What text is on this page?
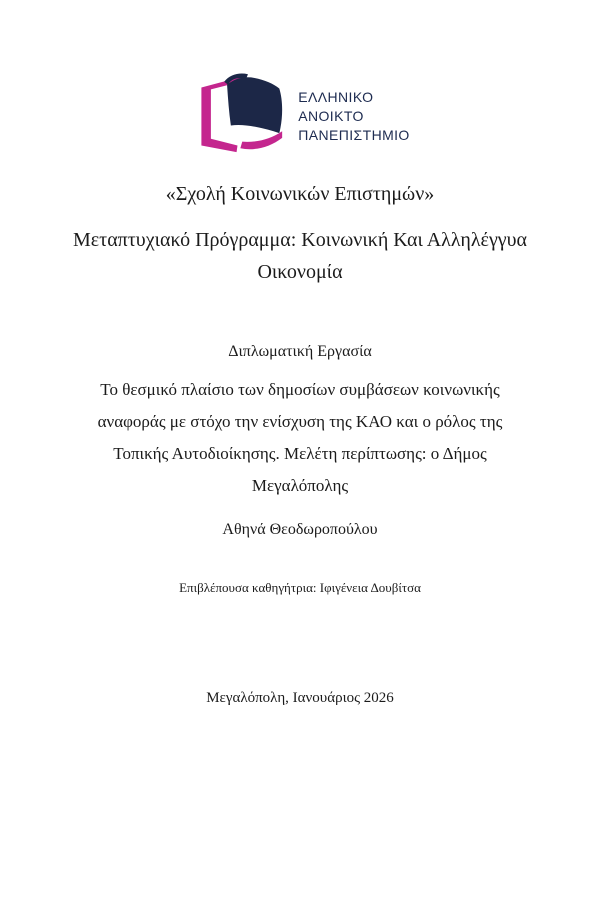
ΕΛΛΗΝΙΚΟ
ΑΝΟΙΚΤΟ
ΠΑΝΕΠΙΣΤΗΜΙΟ
«Σχολή Κοινωνικών Επιστημών»
Μεταπτυχιακό Πρόγραμμα: Κοινωνική Και Αλληλέγγυα
Οικονομία
Διπλωματική Εργασία
Το θεσμικό πλαίσιο των δημοσίων συμβάσεων κοινωνικής
αναφοράς με στόχο την ενίσχυση της ΚΑΟ και ο ρόλος της
Τοπικής Αυτοδιοίκησης. Μελέτη περίπτωσης: ο Δήμος
Μεγαλόπολης
Αθηνά Θεοδωροπούλου
Επιβλέπουσα καθηγήτρια: Ιφιγένεια Δουβίτσα
Μεγαλόπολη, Ιανουάριος 2026
